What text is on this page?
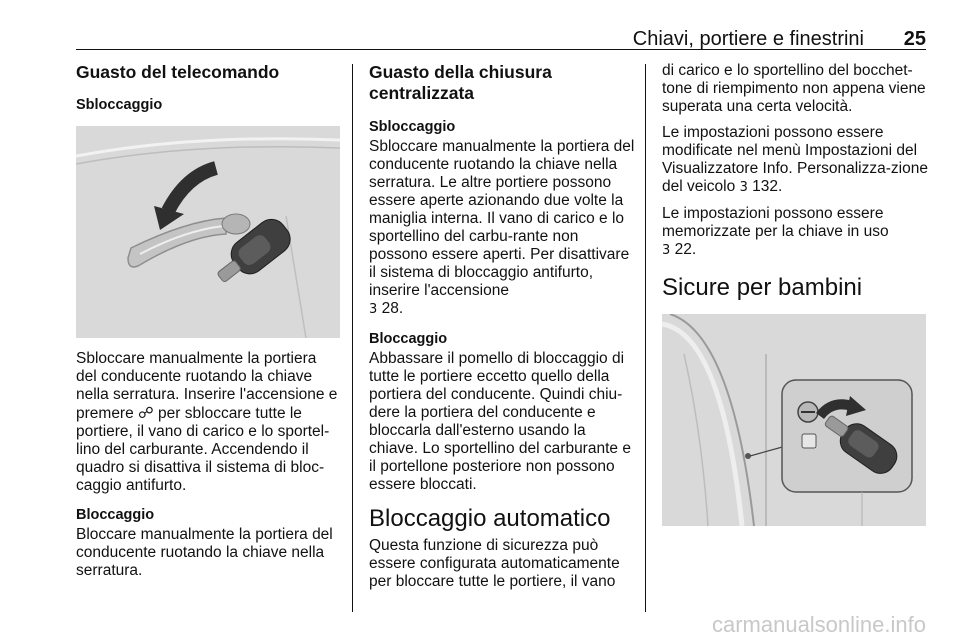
Chiavi, portiere e finestrini 25
Guasto del telecomando
Sbloccaggio

Sbloccare manualmente la portiera del conducente ruotando la chiave nella serratura. Inserire l'accensione e premere ☍ per sbloccare tutte le portiere, il vano di carico e lo sportel-lino del carburante. Accendendo il quadro si disattiva il sistema di bloc-caggio antifurto.

Bloccaggio

Bloccare manualmente la portiera del conducente ruotando la chiave nella serratura.

Guasto della chiusura centralizzata
Sbloccaggio

Sbloccare manualmente la portiera del conducente ruotando la chiave nella serratura. Le altre portiere possono essere aperte azionando due volte la maniglia interna. Il vano di carico e lo sportellino del carbu-rante non possono essere aperti. Per disattivare il sistema di bloccaggio antifurto, inserire l'accensione
3 28.

Bloccaggio

Abbassare il pomello di bloccaggio di tutte le portiere eccetto quello della portiera del conducente. Quindi chiu-dere la portiera del conducente e bloccarla dall'esterno usando la chiave. Lo sportellino del carburante e il portellone posteriore non possono essere bloccati.

Bloccaggio automatico

Questa funzione di sicurezza può essere configurata automaticamente per bloccare tutte le portiere, il vano

di carico e lo sportellino del bocchet-tone di riempimento non appena viene superata una certa velocità.

Le impostazioni possono essere modificate nel menù Impostazioni del Visualizzatore Info. Personalizza-zione del veicolo 3 132.

Le impostazioni possono essere memorizzate per la chiave in uso
3 22.

Sicure per bambini
carmanualsonline.info
